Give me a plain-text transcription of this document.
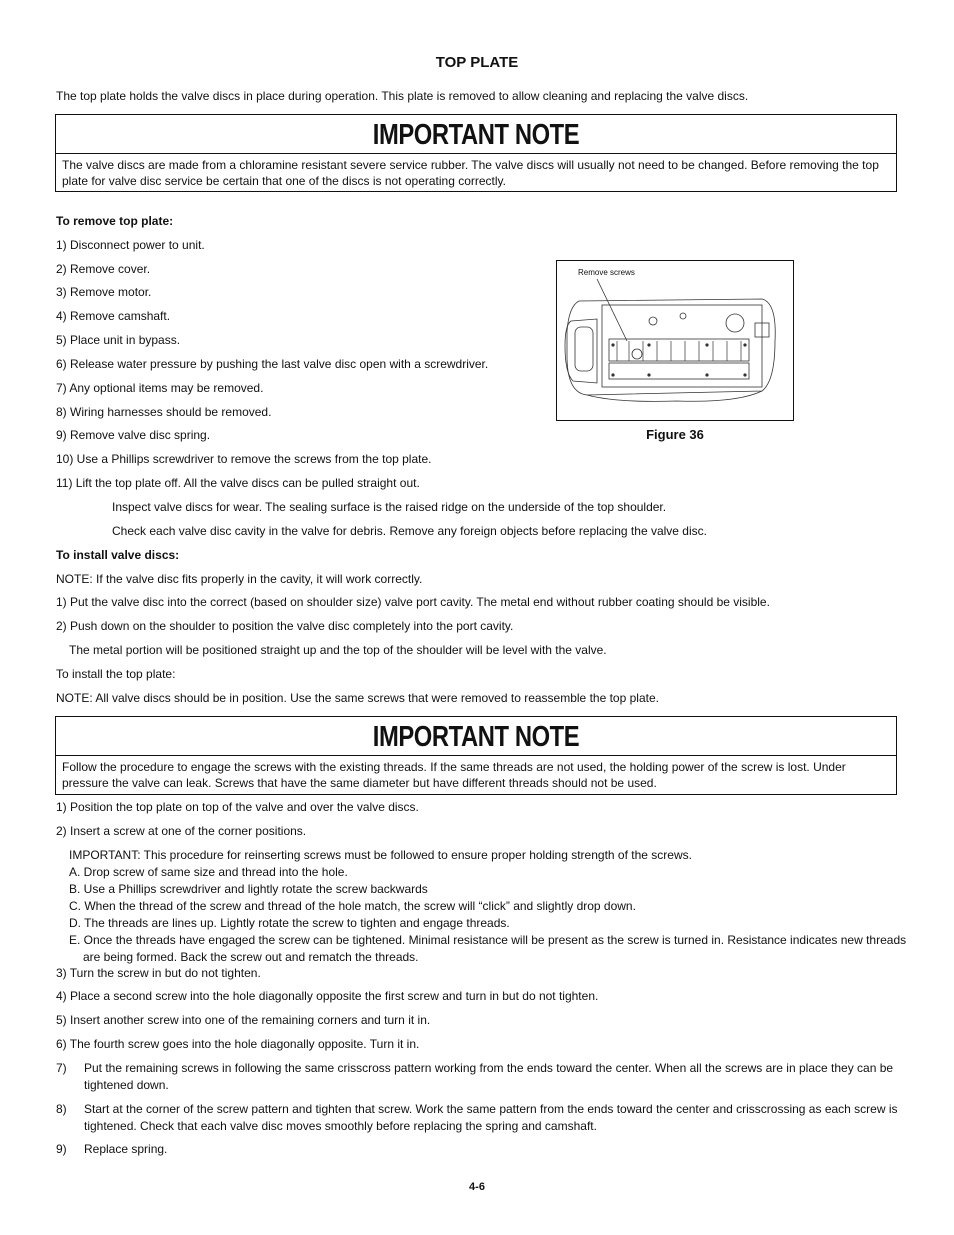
TOP PLATE
The top plate holds the valve discs in place during operation. This plate is removed to allow cleaning and replacing the valve discs.
IMPORTANT NOTE
The valve discs are made from a chloramine resistant severe service rubber. The valve discs will usually not need to be changed. Before removing the top plate for valve disc service be certain that one of the discs is not operating correctly.
To remove top plate:
1) Disconnect power to unit.
2) Remove cover.
3) Remove motor.
4) Remove camshaft.
5) Place unit in bypass.
6) Release water pressure by pushing the last valve disc open with a screwdriver.
7) Any optional items may be removed.
8) Wiring harnesses should be removed.
9) Remove valve disc spring.
10) Use a Phillips screwdriver to remove the screws from the top plate.
11) Lift the top plate off. All the valve discs can be pulled straight out.
Inspect valve discs for wear. The sealing surface is the raised ridge on the underside of the top shoulder.
Check each valve disc cavity in the valve for debris. Remove any foreign objects before replacing the valve disc.
Remove screws
Figure 36
To install valve discs:
NOTE: If the valve disc fits properly in the cavity, it will work correctly.
1) Put the valve disc into the correct (based on shoulder size) valve port cavity. The metal end without rubber coating should be visible.
2) Push down on the shoulder to position the valve disc completely into the port cavity.
The metal portion will be positioned straight up and the top of the shoulder will be level with the valve.
To install the top plate:
NOTE: All valve discs should be in position. Use the same screws that were removed to reassemble the top plate.
IMPORTANT NOTE
Follow the procedure to engage the screws with the existing threads. If the same threads are not used, the holding power of the screw is lost. Under pressure the valve can leak. Screws that have the same diameter but have different threads should not be used.
1) Position the top plate on top of the valve and over the valve discs.
2) Insert a screw at one of the corner positions.
IMPORTANT: This procedure for reinserting screws must be followed to ensure proper holding strength of the screws.
A. Drop screw of same size and thread into the hole.
B. Use a Phillips screwdriver and lightly rotate the screw backwards
C. When the thread of the screw and thread of the hole match, the screw will “click” and slightly drop down.
D. The threads are lines up. Lightly rotate the screw to tighten and engage threads.
E. Once the threads have engaged the screw can be tightened. Minimal resistance will be present as the screw is turned in. Resistance indicates new threads
are being formed. Back the screw out and rematch the threads.
3) Turn the screw in but do not tighten.
4) Place a second screw into the hole diagonally opposite the first screw and turn in but do not tighten.
5) Insert another screw into one of the remaining corners and turn it in.
6) The fourth screw goes into the hole diagonally opposite. Turn it in.
7) Put the remaining screws in following the same crisscross pattern working from the ends toward the center. When all the screws are in place they can be tightened down.
8) Start at the corner of the screw pattern and tighten that screw. Work the same pattern from the ends toward the center and crisscrossing as each screw is tightened. Check that each valve disc moves smoothly before replacing the spring and camshaft.
9) Replace spring.
4-6
